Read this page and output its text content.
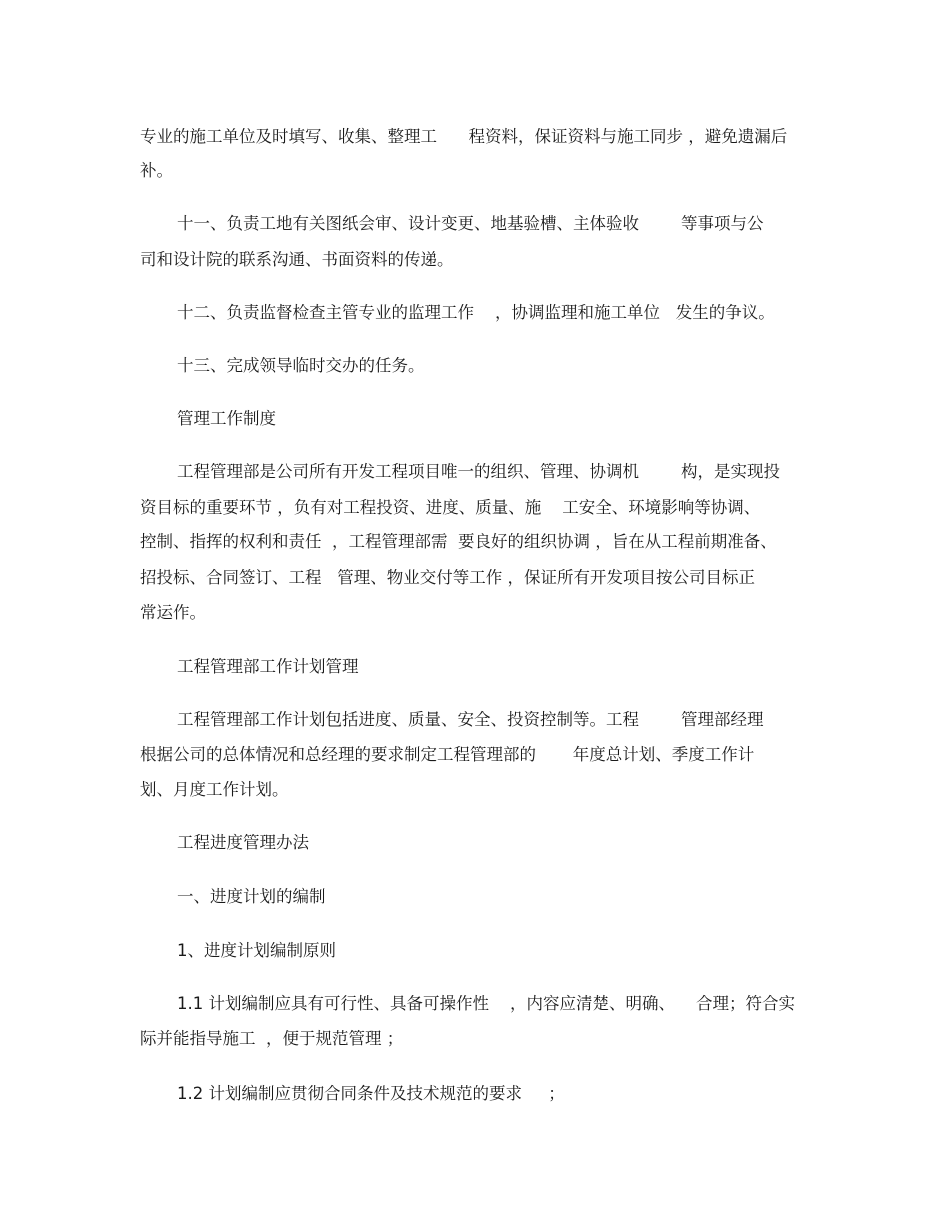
专业的施工单位及时填写、收集、整理工      程资料，保证资料与施工同步 ，避免遗漏后
补。
十一、负责工地有关图纸会审、设计变更、地基验槽、主体验收        等事项与公
司和设计院的联系沟通、书面资料的传递。
十二、负责监督检查主管专业的监理工作    ，协调监理和施工单位   发生的争议。
十三、完成领导临时交办的任务。
管理工作制度
工程管理部是公司所有开发工程项目唯一的组织、管理、协调机        构，是实现投
资目标的重要环节 ，负有对工程投资、进度、质量、施    工安全、环境影响等协调、
控制、指挥的权利和责任  ，工程管理部需  要良好的组织协调 ，旨在从工程前期准备、
招投标、合同签订、工程   管理、物业交付等工作 ，保证所有开发项目按公司目标正
常运作。
工程管理部工作计划管理
工程管理部工作计划包括进度、质量、安全、投资控制等。工程        管理部经理
根据公司的总体情况和总经理的要求制定工程管理部的       年度总计划、季度工作计
划、月度工作计划。
工程进度管理办法
一、进度计划的编制
1、进度计划编制原则
1.1 计划编制应具有可行性、具备可操作性    ，内容应清楚、明确、    合理；符合实
际并能指导施工  ，便于规范管理 ；
1.2 计划编制应贯彻合同条件及技术规范的要求     ；
